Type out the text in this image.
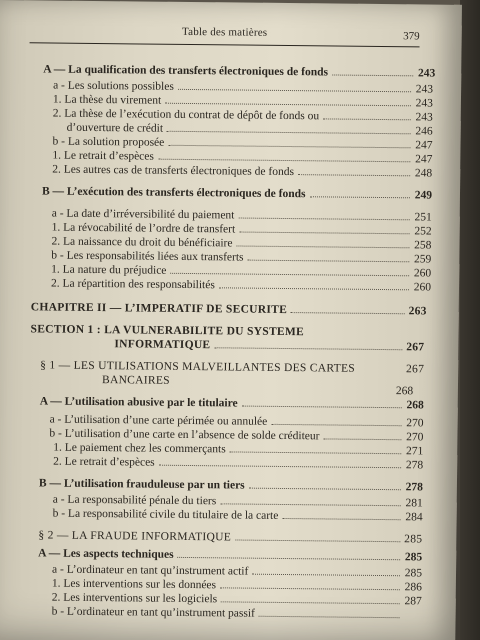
Table des matières	379
A — La qualification des transferts électroniques de fonds	243
a - Les solutions possibles	243
1. La thèse du virement	243
2. La thèse de l’exécution du contrat de dépôt de fonds ou	243
d’ouverture de crédit	246
b - La solution proposée	247
1. Le retrait d’espèces	247
2. Les autres cas de transferts électroniques de fonds	248
B — L’exécution des transferts électroniques de fonds	249
a - La date d’irréversibilité du paiement	251
1. La révocabilité de l’ordre de transfert	252
2. La naissance du droit du bénéficiaire	258
b - Les responsabilités liées aux transferts	259
1. La nature du préjudice	260
2. La répartition des responsabilités	260
CHAPITRE II — L’IMPERATIF DE SECURITE	263
SECTION 1 : LA VULNERABILITE DU SYSTEME
INFORMATIQUE	267
§ 1 — LES UTILISATIONS MALVEILLANTES DES CARTES	267
BANCAIRES
268
A — L’utilisation abusive par le titulaire	268
a - L’utilisation d’une carte périmée ou annulée	270
b - L’utilisation d’une carte en l’absence de solde créditeur	270
1. Le paiement chez les commerçants	271
2. Le retrait d’espèces	278
B — L’utilisation frauduleuse par un tiers	278
a - La responsabilité pénale du tiers	281
b - La responsabilité civile du titulaire de la carte	284
§ 2 — LA FRAUDE INFORMATIQUE	285
A — Les aspects techniques	285
a - L’ordinateur en tant qu’instrument actif	285
1. Les interventions sur les données	286
2. Les interventions sur les logiciels	287
b - L’ordinateur en tant qu’instrument passif
